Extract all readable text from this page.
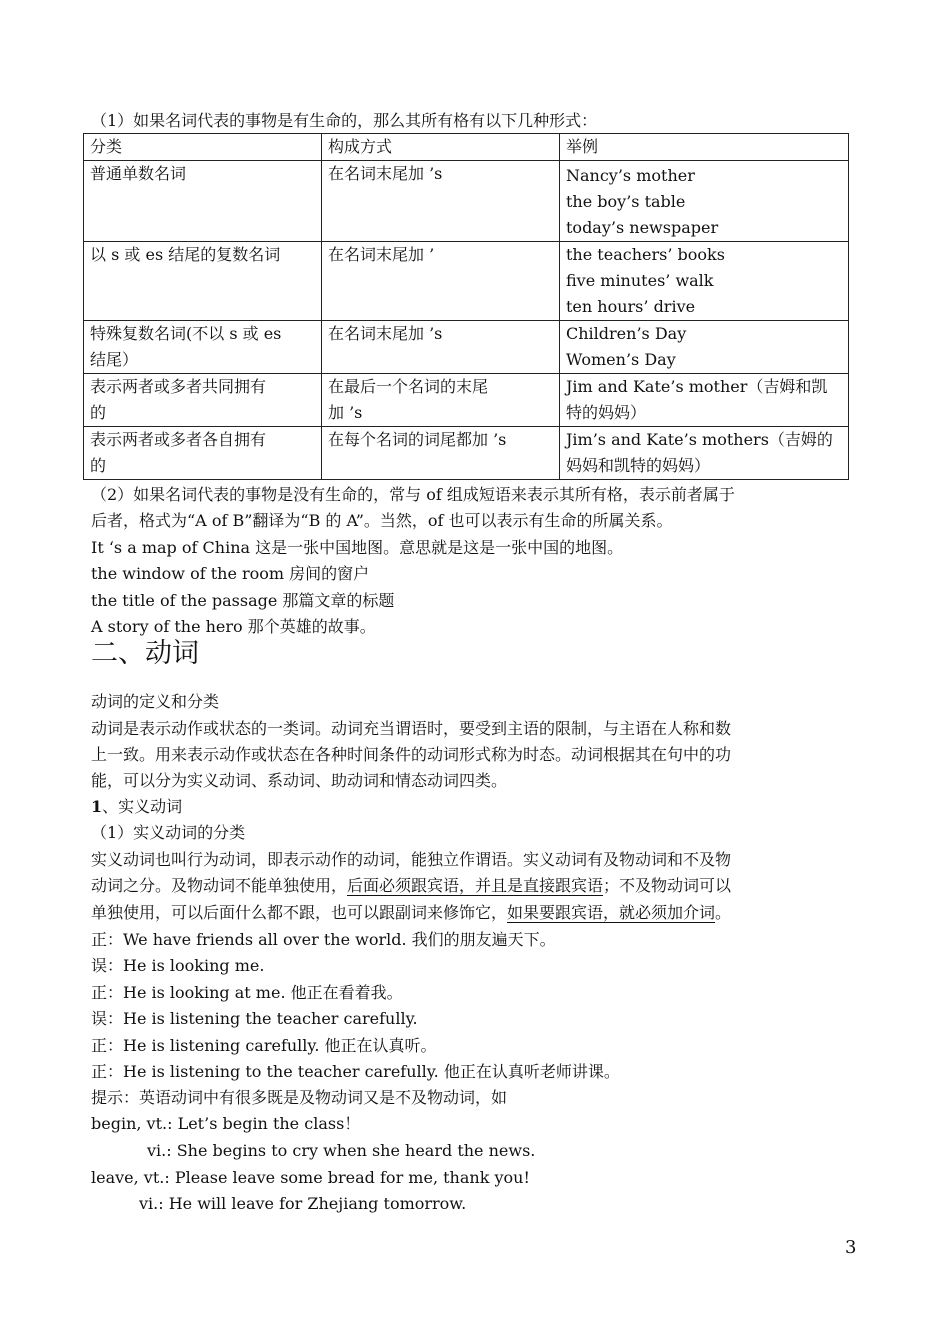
（1）如果名词代表的事物是有生命的，那么其所有格有以下几种形式：
分类	构成方式	举例

普通单数名词	在名词末尾加 ’s	Nancy’s mother
the boy’s table
today’s newspaper

以 s 或 es 结尾的复数名词	在名词末尾加 ’	the teachers’ books
five minutes’ walk
ten hours’ drive

特殊复数名词(不以 s 或 es
结尾）	在名词末尾加 ’s	Children’s Day
Women’s Day

表示两者或多者共同拥有
的	在最后一个名词的末尾
加 ’s	Jim and Kate’s mother（吉姆和凯
特的妈妈）

表示两者或多者各自拥有
的	在每个名词的词尾都加 ’s	Jim’s and Kate’s mothers（吉姆的
妈妈和凯特的妈妈）
（2）如果名词代表的事物是没有生命的，常与 of 组成短语来表示其所有格，表示前者属于
后者，格式为“A of B”翻译为“B 的 A”。当然，of 也可以表示有生命的所属关系。
It ‘s a map of China 这是一张中国地图。意思就是这是一张中国的地图。
the window of the room 房间的窗户
the title of the passage 那篇文章的标题
A story of the hero 那个英雄的故事。
二、动词
动词的定义和分类
动词是表示动作或状态的一类词。动词充当谓语时，要受到主语的限制，与主语在人称和数
上一致。用来表示动作或状态在各种时间条件的动词形式称为时态。动词根据其在句中的功
能，可以分为实义动词、系动词、助动词和情态动词四类。
1、实义动词
（1）实义动词的分类
实义动词也叫行为动词，即表示动作的动词，能独立作谓语。实义动词有及物动词和不及物
动词之分。及物动词不能单独使用，后面必须跟宾语，并且是直接跟宾语；不及物动词可以
单独使用，可以后面什么都不跟，也可以跟副词来修饰它，如果要跟宾语，就必须加介词。
正：We have friends all over the world. 我们的朋友遍天下。
误：He is looking me.
正：He is looking at me. 他正在看着我。
误：He is listening the teacher carefully.
正：He is listening carefully. 他正在认真听。
正：He is listening to the teacher carefully. 他正在认真听老师讲课。
提示：英语动词中有很多既是及物动词又是不及物动词，如
begin, vt.: Let’s begin the class！
vi.: She begins to cry when she heard the news.
leave, vt.: Please leave some bread for me, thank you!
vi.: He will leave for Zhejiang tomorrow.
3
